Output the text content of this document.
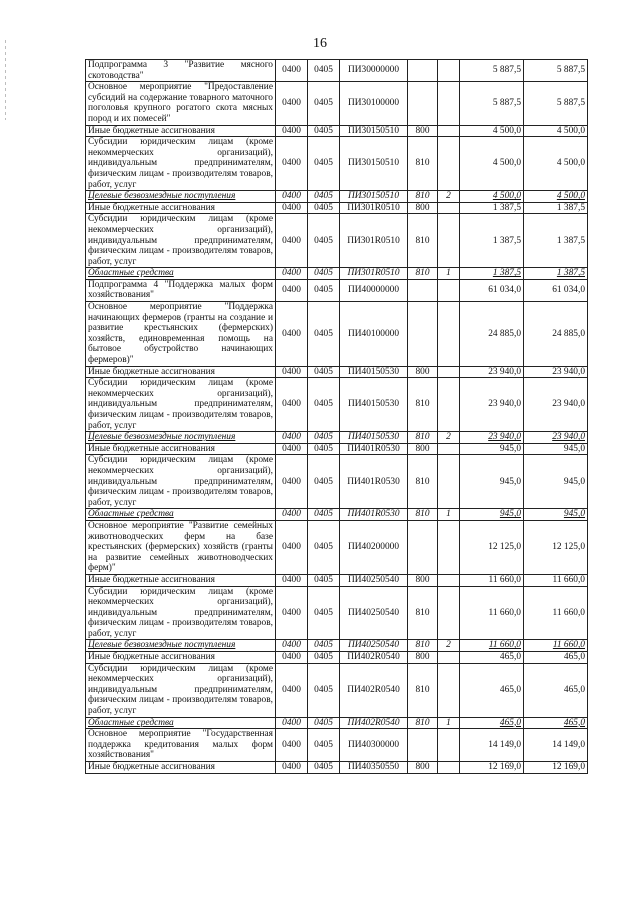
16
Подпрограмма 3 "Развитие мясного скотоводства"	0400	0405	ПИ30000000			5 887,5	5 887,5
Основное мероприятие "Предоставление субсидий на содержание товарного маточного поголовья крупного рогатого скота мясных пород и их помесей"	0400	0405	ПИ30100000			5 887,5	5 887,5
Иные бюджетные ассигнования	0400	0405	ПИ30150510	800		4 500,0	4 500,0
Субсидии юридическим лицам (кроме некоммерческих организаций), индивидуальным предпринимателям, физическим лицам - производителям товаров, работ, услуг	0400	0405	ПИ30150510	810		4 500,0	4 500,0
Целевые безвозмездные поступления	0400	0405	ПИ30150510	810	2	4 500,0	4 500,0
Иные бюджетные ассигнования	0400	0405	ПИ301R0510	800		1 387,5	1 387,5
Субсидии юридическим лицам (кроме некоммерческих организаций), индивидуальным предпринимателям, физическим лицам - производителям товаров, работ, услуг	0400	0405	ПИ301R0510	810		1 387,5	1 387,5
Областные средства	0400	0405	ПИ301R0510	810	1	1 387,5	1 387,5
Подпрограмма 4 "Поддержка малых форм хозяйствования"	0400	0405	ПИ40000000			61 034,0	61 034,0
Основное мероприятие "Поддержка начинающих фермеров (гранты на создание и развитие крестьянских (фермерских) хозяйств, единовременная помощь на бытовое обустройство начинающих фермеров)"	0400	0405	ПИ40100000			24 885,0	24 885,0
Иные бюджетные ассигнования	0400	0405	ПИ40150530	800		23 940,0	23 940,0
Субсидии юридическим лицам (кроме некоммерческих организаций), индивидуальным предпринимателям, физическим лицам - производителям товаров, работ, услуг	0400	0405	ПИ40150530	810		23 940,0	23 940,0
Целевые безвозмездные поступления	0400	0405	ПИ40150530	810	2	23 940,0	23 940,0
Иные бюджетные ассигнования	0400	0405	ПИ401R0530	800		945,0	945,0
Субсидии юридическим лицам (кроме некоммерческих организаций), индивидуальным предпринимателям, физическим лицам - производителям товаров, работ, услуг	0400	0405	ПИ401R0530	810		945,0	945,0
Областные средства	0400	0405	ПИ401R0530	810	1	945,0	945,0
Основное мероприятие "Развитие семейных животноводческих ферм на базе крестьянских (фермерских) хозяйств (гранты на развитие семейных животноводческих ферм)"	0400	0405	ПИ40200000			12 125,0	12 125,0
Иные бюджетные ассигнования	0400	0405	ПИ40250540	800		11 660,0	11 660,0
Субсидии юридическим лицам (кроме некоммерческих организаций), индивидуальным предпринимателям, физическим лицам - производителям товаров, работ, услуг	0400	0405	ПИ40250540	810		11 660,0	11 660,0
Целевые безвозмездные поступления	0400	0405	ПИ40250540	810	2	11 660,0	11 660,0
Иные бюджетные ассигнования	0400	0405	ПИ402R0540	800		465,0	465,0
Субсидии юридическим лицам (кроме некоммерческих организаций), индивидуальным предпринимателям, физическим лицам - производителям товаров, работ, услуг	0400	0405	ПИ402R0540	810		465,0	465,0
Областные средства	0400	0405	ПИ402R0540	810	1	465,0	465,0
Основное мероприятие "Государственная поддержка кредитования малых форм хозяйствования"	0400	0405	ПИ40300000			14 149,0	14 149,0
Иные бюджетные ассигнования	0400	0405	ПИ40350550	800		12 169,0	12 169,0
